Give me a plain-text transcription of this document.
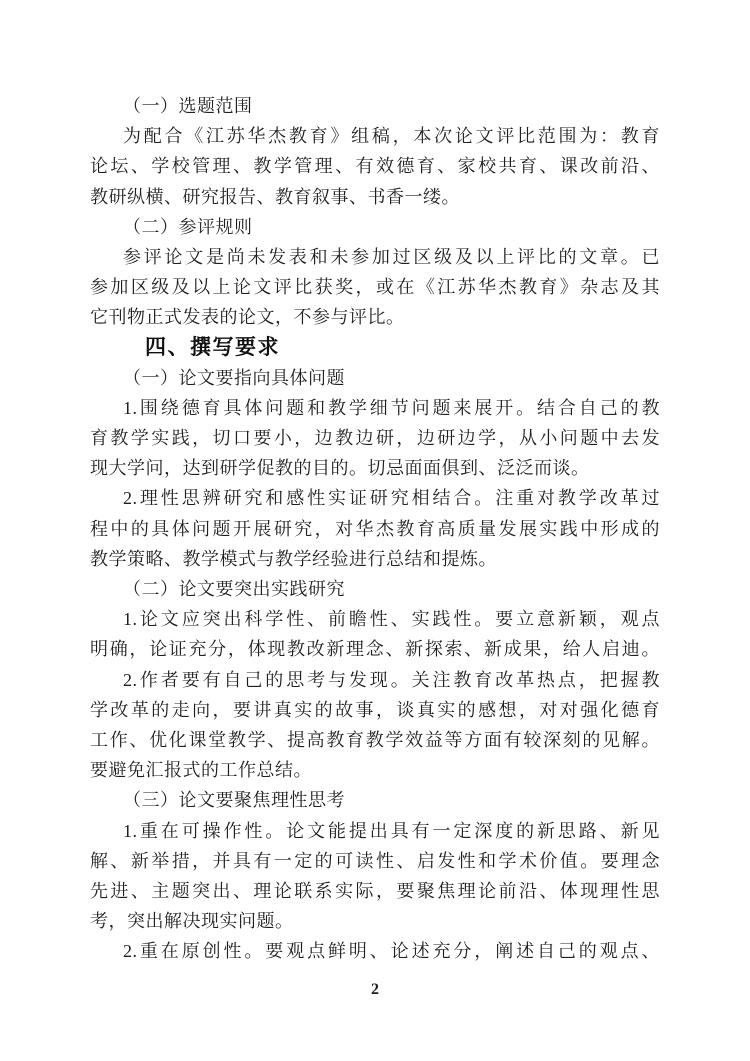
（一）选题范围
为配合《江苏华杰教育》组稿，本次论文评比范围为：教育
论坛、学校管理、教学管理、有效德育、家校共育、课改前沿、
教研纵横、研究报告、教育叙事、书香一缕。
（二）参评规则
参评论文是尚未发表和未参加过区级及以上评比的文章。已
参加区级及以上论文评比获奖，或在《江苏华杰教育》杂志及其
它刊物正式发表的论文，不参与评比。
四、撰写要求
（一）论文要指向具体问题
1.围绕德育具体问题和教学细节问题来展开。结合自己的教
育教学实践，切口要小，边教边研，边研边学，从小问题中去发
现大学问，达到研学促教的目的。切忌面面俱到、泛泛而谈。
2.理性思辨研究和感性实证研究相结合。注重对教学改革过
程中的具体问题开展研究，对华杰教育高质量发展实践中形成的
教学策略、教学模式与教学经验进行总结和提炼。
（二）论文要突出实践研究
1.论文应突出科学性、前瞻性、实践性。要立意新颖，观点
明确，论证充分，体现教改新理念、新探索、新成果，给人启迪。
2.作者要有自己的思考与发现。关注教育改革热点，把握教
学改革的走向，要讲真实的故事，谈真实的感想，对对强化德育
工作、优化课堂教学、提高教育教学效益等方面有较深刻的见解。
要避免汇报式的工作总结。
（三）论文要聚焦理性思考
1.重在可操作性。论文能提出具有一定深度的新思路、新见
解、新举措，并具有一定的可读性、启发性和学术价值。要理念
先进、主题突出、理论联系实际，要聚焦理论前沿、体现理性思
考，突出解决现实问题。
2.重在原创性。要观点鲜明、论述充分，阐述自己的观点、
2
